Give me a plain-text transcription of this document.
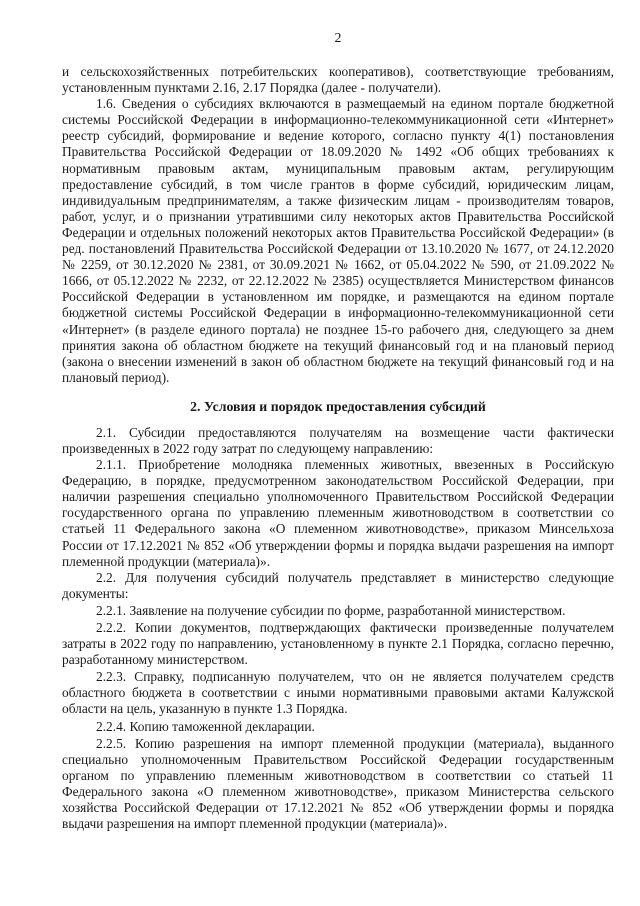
2

и сельскохозяйственных потребительских кооперативов), соответствующие требованиям, установленным пунктами 2.16, 2.17 Порядка (далее - получатели).

1.6. Сведения о субсидиях включаются в размещаемый на едином портале бюджетной системы Российской Федерации в информационно-телекоммуникационной сети «Интернет» реестр субсидий, формирование и ведение которого, согласно пункту 4(1) постановления Правительства Российской Федерации от 18.09.2020 № 1492 «Об общих требованиях к нормативным правовым актам, муниципальным правовым актам, регулирующим предоставление субсидий, в том числе грантов в форме субсидий, юридическим лицам, индивидуальным предпринимателям, а также физическим лицам - производителям товаров, работ, услуг, и о признании утратившими силу некоторых актов Правительства Российской Федерации и отдельных положений некоторых актов Правительства Российской Федерации» (в ред. постановлений Правительства Российской Федерации от 13.10.2020 № 1677, от 24.12.2020 № 2259, от 30.12.2020 № 2381, от 30.09.2021 № 1662, от 05.04.2022 № 590, от 21.09.2022 № 1666, от 05.12.2022 № 2232, от 22.12.2022 № 2385) осуществляется Министерством финансов Российской Федерации в установленном им порядке, и размещаются на едином портале бюджетной системы Российской Федерации в информационно-телекоммуникационной сети «Интернет» (в разделе единого портала) не позднее 15-го рабочего дня, следующего за днем принятия закона об областном бюджете на текущий финансовый год и на плановый период (закона о внесении изменений в закон об областном бюджете на текущий финансовый год и на плановый период).

2. Условия и порядок предоставления субсидий

2.1. Субсидии предоставляются получателям на возмещение части фактически произведенных в 2022 году затрат по следующему направлению:

2.1.1. Приобретение молодняка племенных животных, ввезенных в Российскую Федерацию, в порядке, предусмотренном законодательством Российской Федерации, при наличии разрешения специально уполномоченного Правительством Российской Федерации государственного органа по управлению племенным животноводством в соответствии со статьей 11 Федерального закона «О племенном животноводстве», приказом Минсельхоза России от 17.12.2021 № 852 «Об утверждении формы и порядка выдачи разрешения на импорт племенной продукции (материала)».

2.2. Для получения субсидий получатель представляет в министерство следующие документы:

2.2.1. Заявление на получение субсидии по форме, разработанной министерством.

2.2.2. Копии документов, подтверждающих фактически произведенные получателем затраты в 2022 году по направлению, установленному в пункте 2.1 Порядка, согласно перечню, разработанному министерством.

2.2.3. Справку, подписанную получателем, что он не является получателем средств областного бюджета в соответствии с иными нормативными правовыми актами Калужской области на цель, указанную в пункте 1.3 Порядка.

2.2.4. Копию таможенной декларации.

2.2.5. Копию разрешения на импорт племенной продукции (материала), выданного специально уполномоченным Правительством Российской Федерации государственным органом по управлению племенным животноводством в соответствии со статьей 11 Федерального закона «О племенном животноводстве», приказом Министерства сельского хозяйства Российской Федерации от 17.12.2021 № 852 «Об утверждении формы и порядка выдачи разрешения на импорт племенной продукции (материала)».
